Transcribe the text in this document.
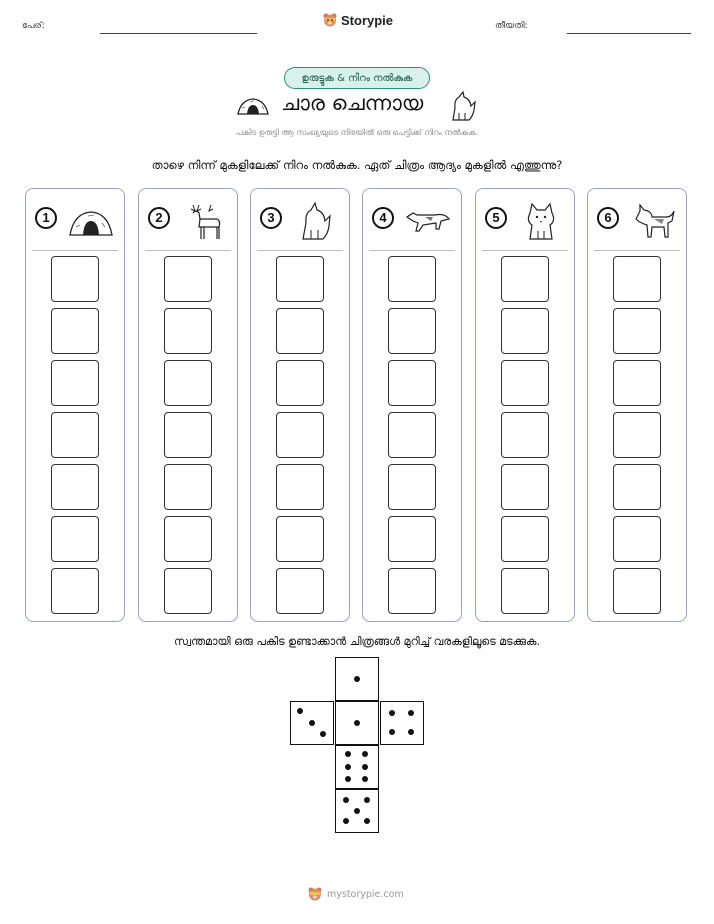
പേര്:	Storypie	തീയതി:
ഉരുട്ടുക & നിറം നൽകുക
ചാര ചെന്നായ
പകിട ഉരുട്ടി ആ സംഖ്യയുടെ നിരയിൽ ഒരു പെട്ടിക്ക് നിറം നൽകുക.
താഴെ നിന്ന് മുകളിലേക്ക് നിറം നൽകുക. ഏത് ചിത്രം ആദ്യം മുകളിൽ എത്തുന്നു?
1	2	3	4	5	6
സ്വന്തമായി ഒരു പകിട ഉണ്ടാക്കാൻ ചിത്രങ്ങൾ മുറിച്ച് വരകളിലൂടെ മടക്കുക.
mystorypie.com
